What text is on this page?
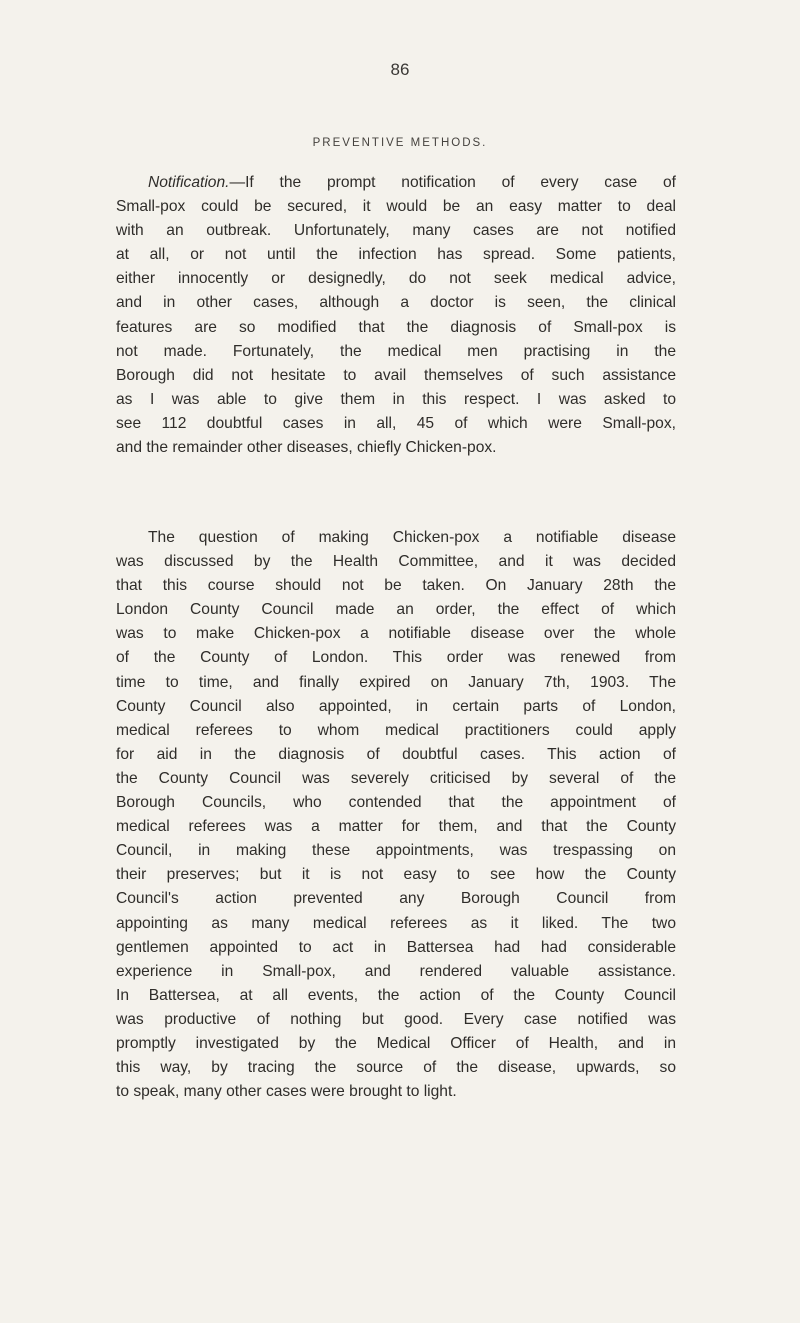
86
PREVENTIVE METHODS.
Notification.—If the prompt notification of every case of
Small-pox could be secured, it would be an easy matter to deal
with an outbreak. Unfortunately, many cases are not notified
at all, or not until the infection has spread. Some patients,
either innocently or designedly, do not seek medical advice,
and in other cases, although a doctor is seen, the clinical
features are so modified that the diagnosis of Small-pox is
not made. Fortunately, the medical men practising in the
Borough did not hesitate to avail themselves of such assistance
as I was able to give them in this respect. I was asked to
see 112 doubtful cases in all, 45 of which were Small-pox,
and the remainder other diseases, chiefly Chicken-pox.
The question of making Chicken-pox a notifiable disease
was discussed by the Health Committee, and it was decided
that this course should not be taken. On January 28th the
London County Council made an order, the effect of which
was to make Chicken-pox a notifiable disease over the whole
of the County of London. This order was renewed from
time to time, and finally expired on January 7th, 1903. The
County Council also appointed, in certain parts of London,
medical referees to whom medical practitioners could apply
for aid in the diagnosis of doubtful cases. This action of
the County Council was severely criticised by several of the
Borough Councils, who contended that the appointment of
medical referees was a matter for them, and that the County
Council, in making these appointments, was trespassing on
their preserves; but it is not easy to see how the County
Council's action prevented any Borough Council from
appointing as many medical referees as it liked. The two
gentlemen appointed to act in Battersea had had considerable
experience in Small-pox, and rendered valuable assistance.
In Battersea, at all events, the action of the County Council
was productive of nothing but good. Every case notified was
promptly investigated by the Medical Officer of Health, and in
this way, by tracing the source of the disease, upwards, so
to speak, many other cases were brought to light.
